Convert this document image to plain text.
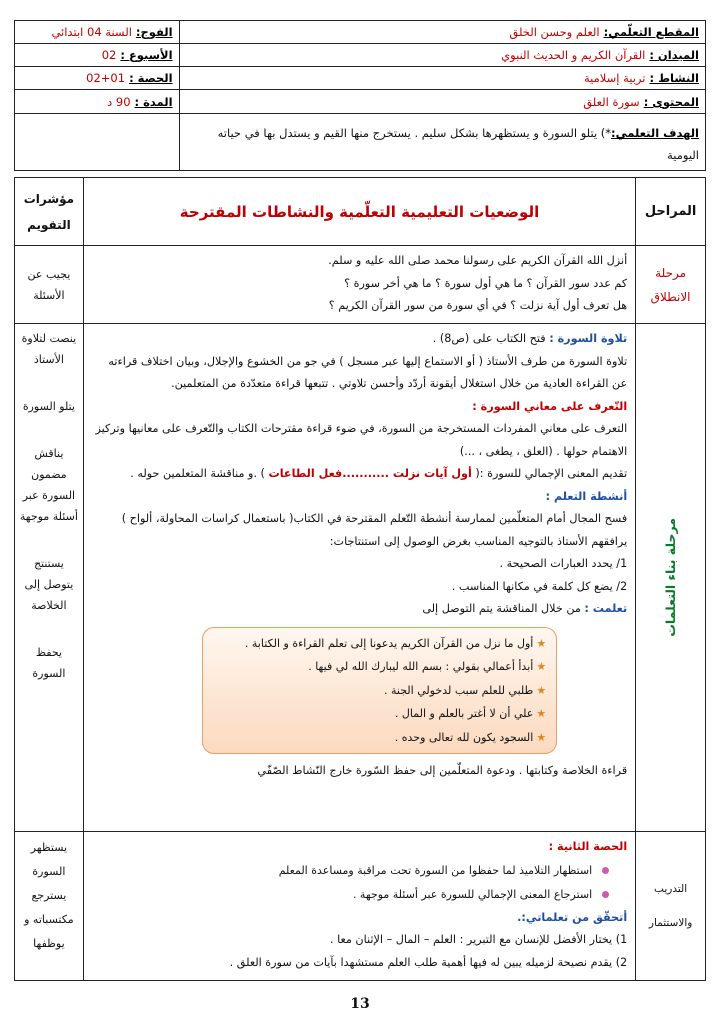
المقطع التعلّمي:
العلم وحسن الخلق
الميدان :
القرآن الكريم و الحديث النبوي
النشاط :
تربية إسلامية
المحتوى :
سورة العلق
الفوج:
السنة 04 ابتدائي
الأسبوع :
02
الحصة :
02+01
المدة :
90 د
الهدف التعلمي:*) يتلو السورة و يستظهرها بشكل سليم . يستخرج منها القيم و يستدل بها في حياته اليومية
المراحل
الوضعيات التعليمية التعلّمية والنشاطات المقترحة
مؤشرات التقويم
مرحلة الانطلاق
أنزل الله القرآن الكريم على رسولنا محمد صلى الله عليه و سلم.
كم عدد سور القرآن ؟ ما هي أول سورة ؟ ما هي أخر سورة ؟
هل تعرف أول آية نزلت ؟ في أي سورة من سور القرآن الكريم ؟
يجيب عن الأسئلة
مرحلة بناء التعلمات
تلاوة السورة : فتح الكتاب على (ص8) .
تلاوة السورة من طرف الأستاذ ( أو الاستماع إليها عبر مسجل ) في جو من الخشوع والإجلال، وبيان اختلاف قراءته عن القراءة العادية من خلال استغلال أيقونة أردّد وأحسن تلاوتي . تتبعها قراءة متعدّدة من المتعلمين.
التّعرف على معاني السورة :
التعرف على معاني المفردات المستخرجة من السورة، في ضوء قراءة مقترحات الكتاب والتّعرف على معانيها وتركيز الاهتمام حولها . (العلق ، يطغى ، ...)
تقديم المعنى الإجمالي للسورة :( أول آيات نزلت ...........فعل الطاعات ) .و مناقشة المتعلمين حوله .
أنشطة التعلم :
فسح المجال أمام المتعلّمين لممارسة أنشطة التّعلم المقترحة في الكتاب( باستعمال كراسات المحاولة، ألواح ) يرافقهم الأستاذ بالتوجيه المناسب بغرض الوصول إلى استنتاجات:
1/ يحدد العبارات الصحيحة .
2/ يضع كل كلمة في مكانها المناسب .
تعلمت : من خلال المناقشة يتم التوصل إلى
★أول ما نزل من القرآن الكريم يدعونا إلى تعلم القراءة و الكتابة .
★أبدأ أعمالي بقولي : بسم الله ليبارك الله لي فيها .
★طلبي للعلم سبب لدخولي الجنة .
★علي أن لا أغتر بالعلم و المال .
★السجود يكون لله تعالى وحده .
قراءة الخلاصة وكتابتها . ودعوة المتعلّمين إلى حفظ السّورة خارج النّشاط الصّفّي
ينصت لتلاوة الأستاذ
يتلو السورة
يناقش مضمون السورة عبر أسئلة موجهة
يستنتج يتوصل إلى الخلاصة
يحفظ السورة
التدريب والاستثمار
الحصة الثانية :
استظهار التلاميذ لما حفظوا من السورة تحت مراقبة ومساعدة المعلم
استرجاع المعنى الإجمالي للسورة عبر أسئلة موجهة .
أتحقّق من تعلماتي:.
1) يختار الأفضل للإنسان مع التبرير : العلم – المال – الإثنان معا .
2) يقدم نصيحة لزميله يبين له فيها أهمية طلب العلم مستشهدا بآيات من سورة العلق .
يستظهر السورة يسترجع مكتسباته و يوظفها
13
